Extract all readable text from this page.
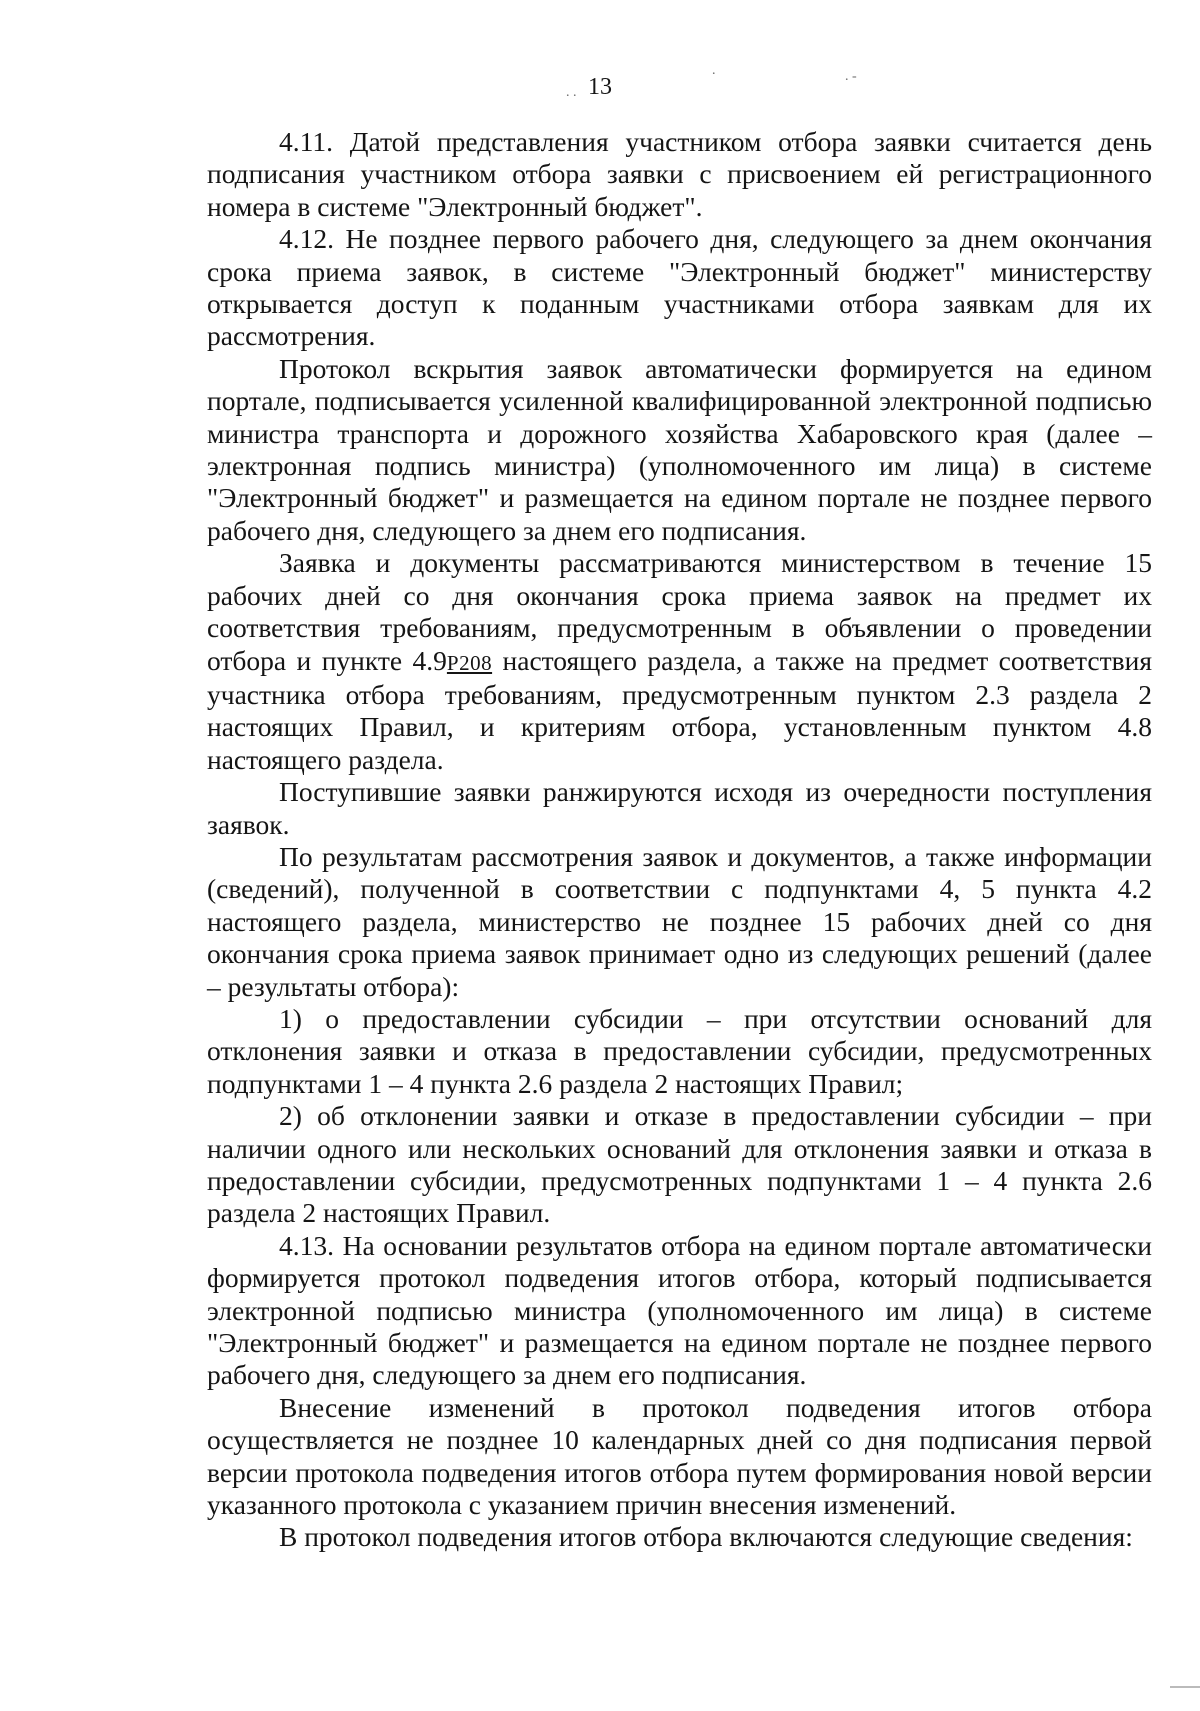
. .
.	. -
13

4.11. Датой представления участником отбора заявки считается день подписания участником отбора заявки с присвоением ей регистрационного номера в системе "Электронный бюджет".

4.12. Не позднее первого рабочего дня, следующего за днем окончания срока приема заявок, в системе "Электронный бюджет" министерству открывается доступ к поданным участниками отбора заявкам для их рассмотрения.

Протокол вскрытия заявок автоматически формируется на едином портале, подписывается усиленной квалифицированной электронной подписью министра транспорта и дорожного хозяйства Хабаровского края (далее – электронная подпись министра) (уполномоченного им лица) в системе "Электронный бюджет" и размещается на едином портале не позднее первого рабочего дня, следующего за днем его подписания.

Заявка и документы рассматриваются министерством в течение 15 рабочих дней со дня окончания срока приема заявок на предмет их соответствия требованиям, предусмотренным в объявлении о проведении отбора и пункте 4.9P208 настоящего раздела, а также на предмет соответствия участника отбора требованиям, предусмотренным пунктом 2.3 раздела 2 настоящих Правил, и критериям отбора, установленным пунктом 4.8 настоящего раздела.

Поступившие заявки ранжируются исходя из очередности поступления заявок.

По результатам рассмотрения заявок и документов, а также информации (сведений), полученной в соответствии с подпунктами 4, 5 пункта 4.2 настоящего раздела, министерство не позднее 15 рабочих дней со дня окончания срока приема заявок принимает одно из следующих решений (далее – результаты отбора):

1) о предоставлении субсидии – при отсутствии оснований для отклонения заявки и отказа в предоставлении субсидии, предусмотренных подпунктами 1 – 4 пункта 2.6 раздела 2 настоящих Правил;

2) об отклонении заявки и отказе в предоставлении субсидии – при наличии одного или нескольких оснований для отклонения заявки и отказа в предоставлении субсидии, предусмотренных подпунктами 1 – 4 пункта 2.6 раздела 2 настоящих Правил.

4.13. На основании результатов отбора на едином портале автоматически формируется протокол подведения итогов отбора, который подписывается электронной подписью министра (уполномоченного им лица) в системе "Электронный бюджет" и размещается на едином портале не позднее первого рабочего дня, следующего за днем его подписания.

Внесение изменений в протокол подведения итогов отбора осуществляется не позднее 10 календарных дней со дня подписания первой версии протокола подведения итогов отбора путем формирования новой версии указанного протокола с указанием причин внесения изменений.

В протокол подведения итогов отбора включаются следующие сведения:
